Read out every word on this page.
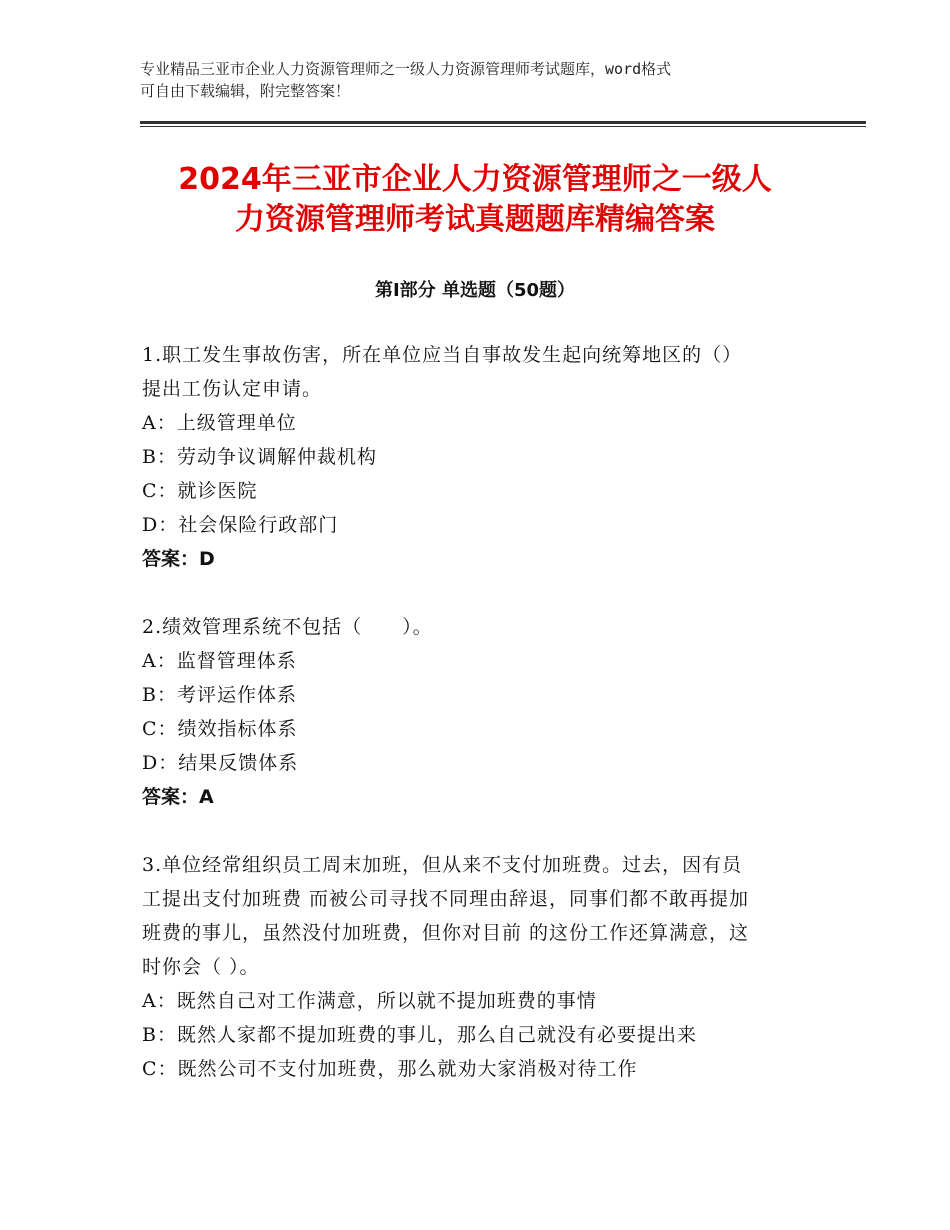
专业精品三亚市企业人力资源管理师之一级人力资源管理师考试题库，word格式
可自由下载编辑，附完整答案！
2024年三亚市企业人力资源管理师之一级人
力资源管理师考试真题题库精编答案
第Ⅰ部分 单选题（50题）
1.职工发生事故伤害，所在单位应当自事故发生起向统筹地区的（）
提出工伤认定申请。
A：上级管理单位
B：劳动争议调解仲裁机构
C：就诊医院
D：社会保险行政部门
答案：D
2.绩效管理系统不包括（　　）。
A：监督管理体系
B：考评运作体系
C：绩效指标体系
D：结果反馈体系
答案：A
3.单位经常组织员工周末加班，但从来不支付加班费。过去，因有员
工提出支付加班费 而被公司寻找不同理由辞退，同事们都不敢再提加
班费的事儿，虽然没付加班费，但你对目前 的这份工作还算满意，这
时你会（ ）。
A：既然自己对工作满意，所以就不提加班费的事情
B：既然人家都不提加班费的事儿，那么自己就没有必要提出来
C：既然公司不支付加班费，那么就劝大家消极对待工作
